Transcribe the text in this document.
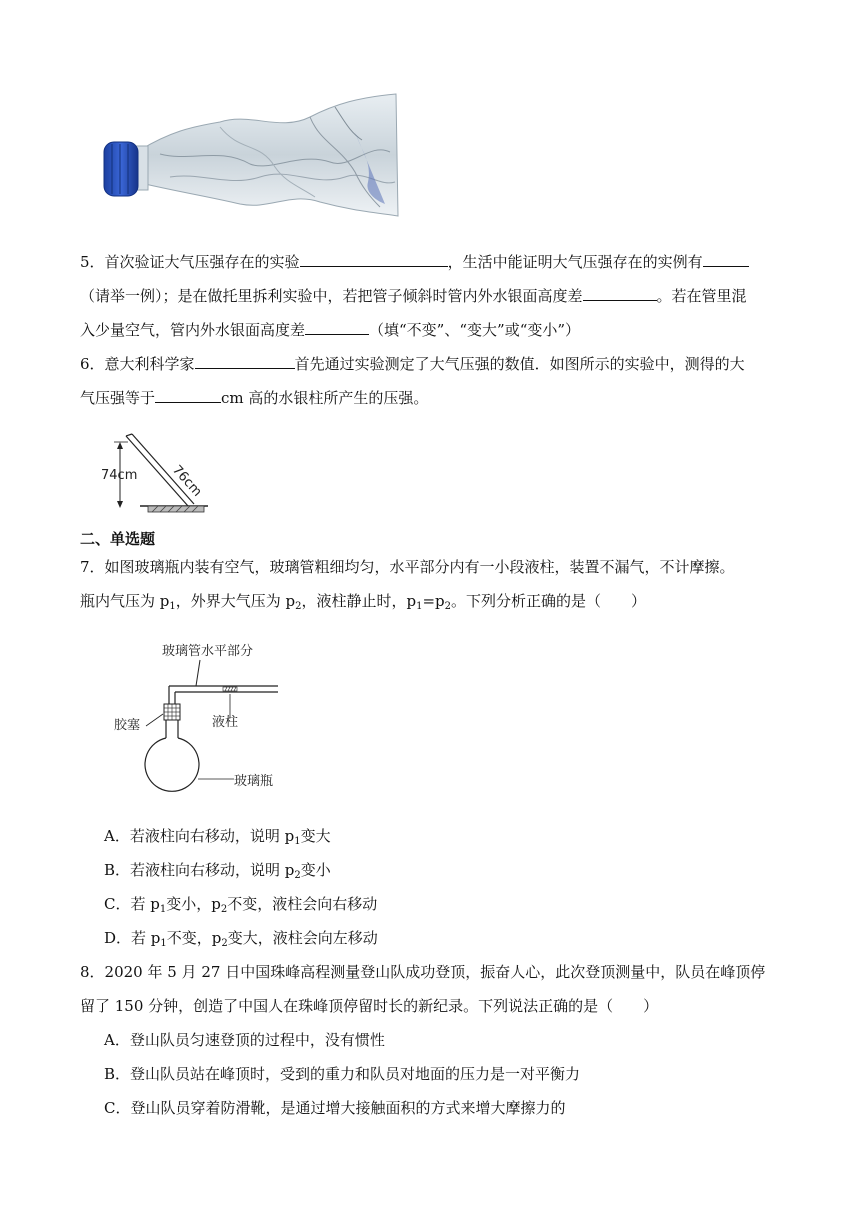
5．首次验证大气压强存在的实验	，生活中能证明大气压强存在的实例有
（请举一例）；是在做托里拆利实验中，若把管子倾斜时管内外水银面高度差	。若在管里混
入少量空气，管内外水银面高度差	（填“不变”、“变大”或“变小”）
6．意大利科学家	首先通过实验测定了大气压强的数值．如图所示的实验中，测得的大
气压强等于	cm 高的水银柱所产生的压强。
74cm 76cm
二、单选题
7．如图玻璃瓶内装有空气，玻璃管粗细均匀，水平部分内有一小段液柱，装置不漏气，不计摩擦。
瓶内气压为 $p_1$，外界大气压为 $p_2$，液柱静止时，$p_1=p_2$。下列分析正确的是（　　）
玻璃管水平部分
液柱
胶塞
玻璃瓶
A．若液柱向右移动，说明 $p_1$变大
B．若液柱向右移动，说明 $p_2$变小
C．若 $p_1$变小，$p_2$不变，液柱会向右移动
D．若 $p_1$不变，$p_2$变大，液柱会向左移动
8．2020 年 5 月 27 日中国珠峰高程测量登山队成功登顶，振奋人心，此次登顶测量中，队员在峰顶停
留了 150 分钟，创造了中国人在珠峰顶停留时长的新纪录。下列说法正确的是（　　）
A．登山队员匀速登顶的过程中，没有惯性
B．登山队员站在峰顶时，受到的重力和队员对地面的压力是一对平衡力
C．登山队员穿着防滑靴，是通过增大接触面积的方式来增大摩擦力的
